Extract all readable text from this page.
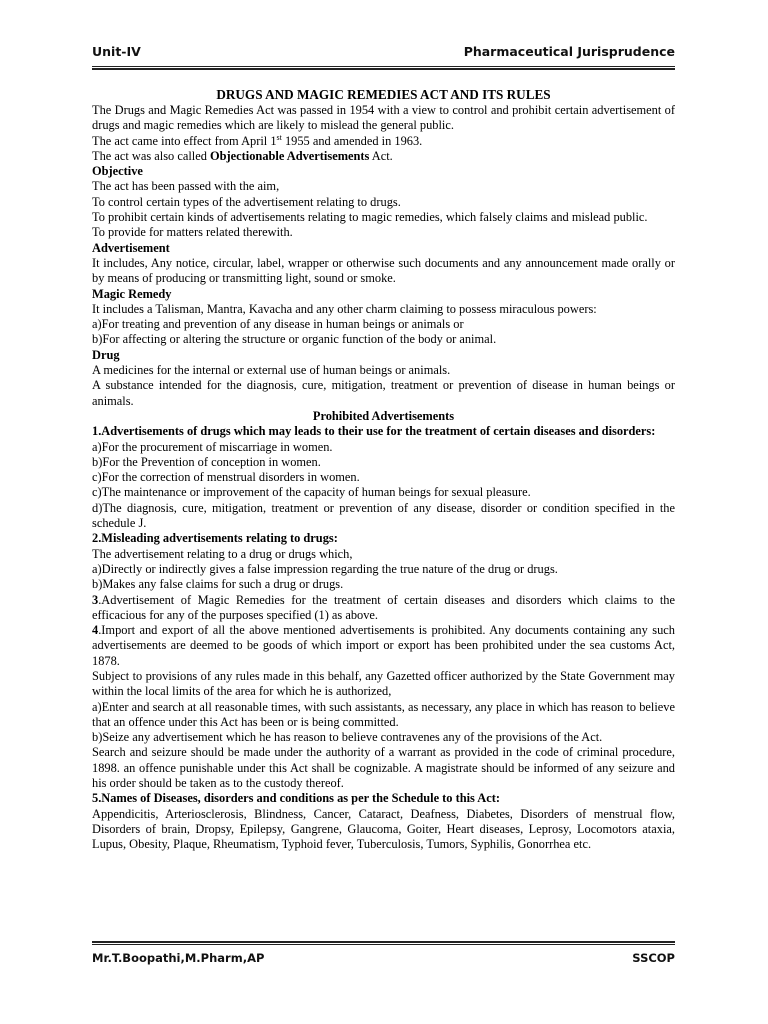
Unit-IV	Pharmaceutical Jurisprudence

DRUGS AND MAGIC REMEDIES ACT AND ITS RULES

The Drugs and Magic Remedies Act was passed in 1954 with a view to control and prohibit certain advertisement of drugs and magic remedies which are likely to mislead the general public.

The act came into effect from April 1st 1955 and amended in 1963.

The act was also called Objectionable Advertisements Act.

Objective

The act has been passed with the aim,

To control certain types of the advertisement relating to drugs.

To prohibit certain kinds of advertisements relating to magic remedies, which falsely claims and mislead public.

To provide for matters related therewith.

Advertisement

It includes, Any notice, circular, label, wrapper or otherwise such documents and any announcement made orally or by means of producing or transmitting light, sound or smoke.

Magic Remedy

It includes a Talisman, Mantra, Kavacha and any other charm claiming to possess miraculous powers:

a)For treating and prevention of any disease in human beings or animals or

b)For affecting or altering the structure or organic function of the body or animal.

Drug

A medicines for the internal or external use of human beings or animals.

A substance intended for the diagnosis, cure, mitigation, treatment or prevention of disease in human beings or animals.

Prohibited Advertisements

1.Advertisements of drugs which may leads to their use for the treatment of certain diseases and disorders:

a)For the procurement of miscarriage in women.

b)For the Prevention of conception in women.

c)For the correction of menstrual disorders in women.

c)The maintenance or improvement of the capacity of human beings for sexual pleasure.

d)The diagnosis, cure, mitigation, treatment or prevention of any disease, disorder or condition specified in the schedule J.

2.Misleading advertisements relating to drugs:

The advertisement relating to a drug or drugs which,

a)Directly or indirectly gives a false impression regarding the true nature of the drug or drugs.

b)Makes any false claims for such a drug or drugs.

3.Advertisement of Magic Remedies for the treatment of certain diseases and disorders which claims to the efficacious for any of the purposes specified (1) as above.

4.Import and export of all the above mentioned advertisements is prohibited. Any documents containing any such advertisements are deemed to be goods of which import or export has been prohibited under the sea customs Act, 1878.

Subject to provisions of any rules made in this behalf, any Gazetted officer authorized by the State Government may within the local limits of the area for which he is authorized,

a)Enter and search at all reasonable times, with such assistants, as necessary, any place in which has reason to believe that an offence under this Act has been or is being committed.

b)Seize any advertisement which he has reason to believe contravenes any of the provisions of the Act.

Search and seizure should be made under the authority of a warrant as provided in the code of criminal procedure, 1898. an offence punishable under this Act shall be cognizable. A magistrate should be informed of any seizure and his order should be taken as to the custody thereof.

5.Names of Diseases, disorders and conditions as per the Schedule to this Act:

Appendicitis, Arteriosclerosis, Blindness, Cancer, Cataract, Deafness, Diabetes, Disorders of menstrual flow, Disorders of brain, Dropsy, Epilepsy, Gangrene, Glaucoma, Goiter, Heart diseases, Leprosy, Locomotors ataxia, Lupus, Obesity, Plaque, Rheumatism, Typhoid fever, Tuberculosis, Tumors, Syphilis, Gonorrhea etc.

Mr.T.Boopathi,M.Pharm,AP	SSCOP
